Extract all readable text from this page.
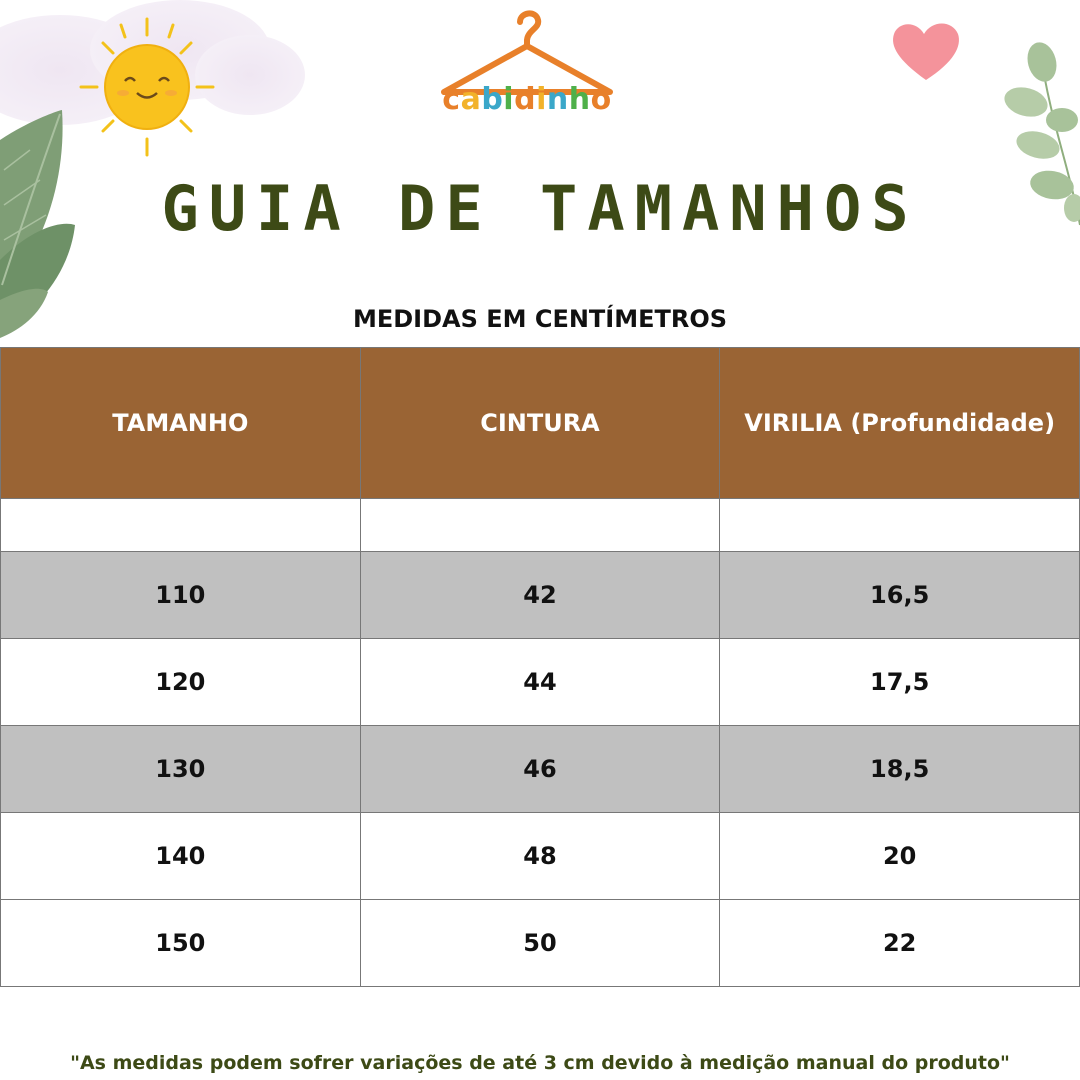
cabidinho
GUIA DE TAMANHOS
MEDIDAS EM CENTÍMETROS
TAMANHO	CINTURA	VIRILIA (Profundidade)

110	42	16,5
120	44	17,5
130	46	18,5
140	48	20
150	50	22
"As medidas podem sofrer variações de até 3 cm devido à medição manual do produto"
